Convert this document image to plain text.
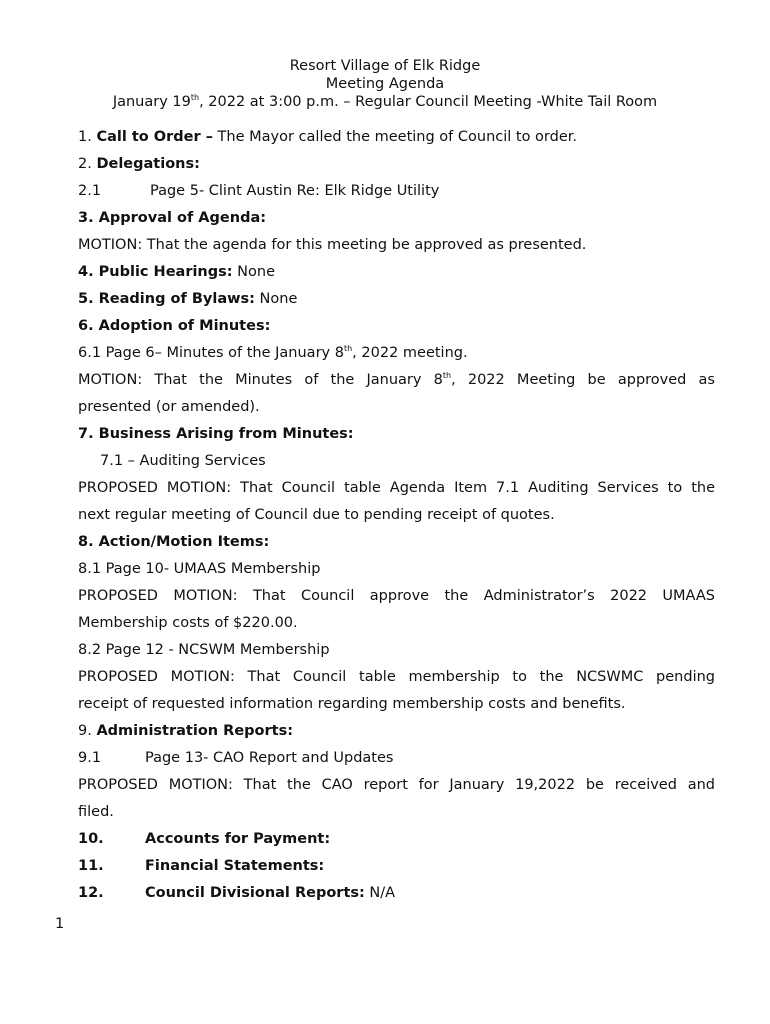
Resort Village of Elk Ridge
Meeting Agenda
January 19th, 2022 at 3:00 p.m. – Regular Council Meeting -White Tail Room
1. Call to Order – The Mayor called the meeting of Council to order.
2. Delegations:
2.1	Page 5- Clint Austin Re: Elk Ridge Utility
3. Approval of Agenda:
MOTION: That the agenda for this meeting be approved as presented.
4. Public Hearings: None
5. Reading of Bylaws: None
6. Adoption of Minutes:
6.1 Page 6– Minutes of the January 8th, 2022 meeting.
MOTION: That the Minutes of the January 8th, 2022 Meeting be approved as
presented (or amended).
7. Business Arising from Minutes:
7.1 – Auditing Services
PROPOSED MOTION: That Council table Agenda Item 7.1 Auditing Services to the
next regular meeting of Council due to pending receipt of quotes.
8. Action/Motion Items:
8.1 Page 10- UMAAS Membership
PROPOSED MOTION: That Council approve the Administrator’s 2022 UMAAS
Membership costs of $220.00.
8.2 Page 12 - NCSWM Membership
PROPOSED MOTION: That Council table membership to the NCSWMC pending
receipt of requested information regarding membership costs and benefits.
9. Administration Reports:
9.1	Page 13- CAO Report and Updates
PROPOSED MOTION: That the CAO report for January 19,2022 be received and
filed.
10.	Accounts for Payment:
11.	Financial Statements:
12.	Council Divisional Reports: N/A
1
